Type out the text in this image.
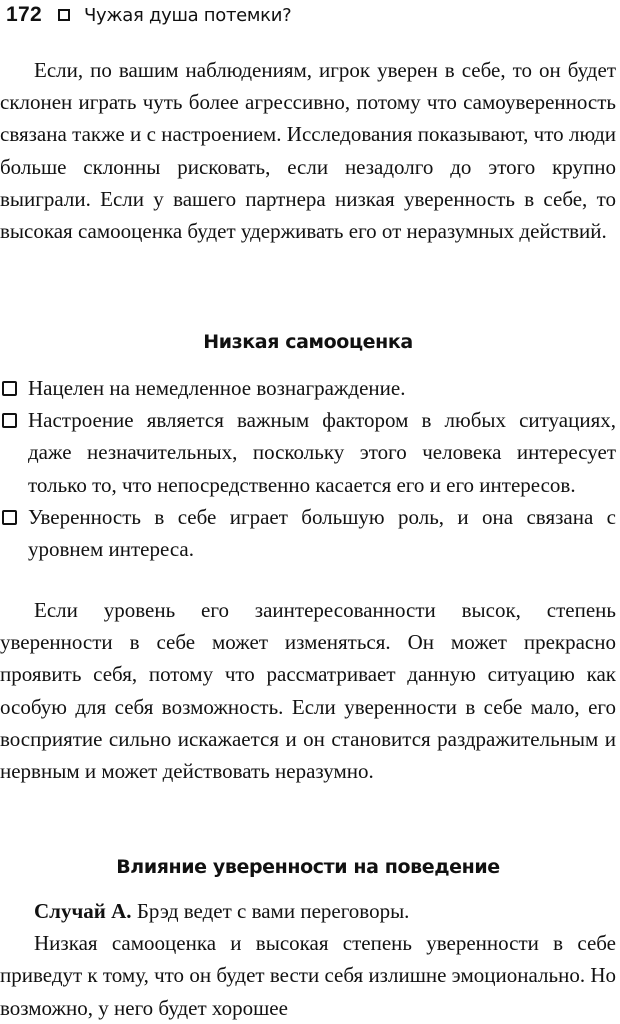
172 Чужая душа потемки?

Если, по вашим наблюдениям, игрок уверен в себе, то он будет склонен играть чуть более агрессивно, потому что самоуверенность связана также и с настроением. Исследования показывают, что люди больше склонны рисковать, если незадолго до этого крупно выиграли. Если у вашего партнера низкая уверенность в себе, то высокая самооценка будет удерживать его от неразумных действий.

Низкая самооценка
Нацелен на немедленное вознаграждение.
Настроение является важным фактором в любых ситуациях, даже незначительных, поскольку этого человека интересует только то, что непосредственно касается его и его интересов.
Уверенность в себе играет большую роль, и она связана с уровнем интереса.

Если уровень его заинтересованности высок, степень уверенности в себе может изменяться. Он может прекрасно проявить себя, потому что рассматривает данную ситуацию как особую для себя возможность. Если уверенности в себе мало, его восприятие сильно искажается и он становится раздражительным и нервным и может действовать неразумно.

Влияние уверенности на поведение
Случай А. Брэд ведет с вами переговоры.
Низкая самооценка и высокая степень уверенности в себе приведут к тому, что он будет вести себя излишне эмоционально. Но возможно, у него будет хорошее
